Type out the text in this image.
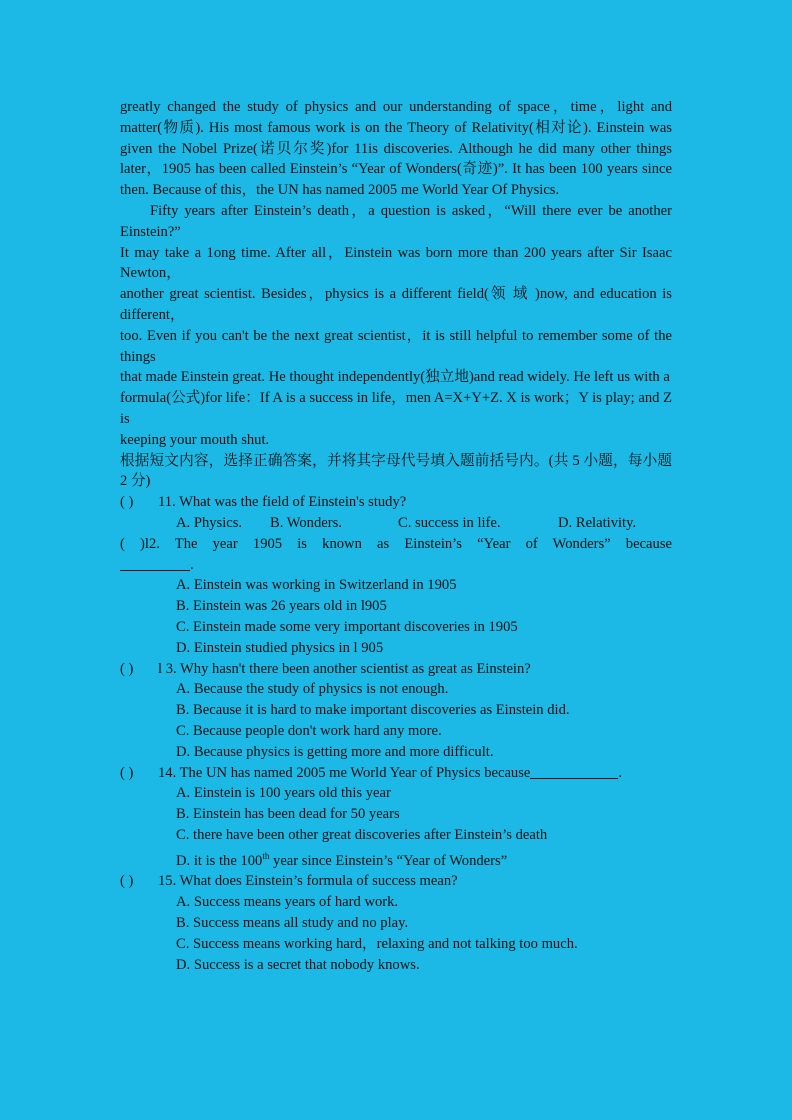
greatly changed the study of physics and our understanding of space，time，light and matter(物质). His most famous work is on the Theory of Relativity(相对论). Einstein was given the Nobel Prize(诺贝尔奖)for 11is discoveries. Although he did many other things later，1905 has been called Einstein’s “Year of Wonders(奇迹)”. It has been 100 years since then. Because of this，the UN has named 2005 me World Year Of Physics.

Fifty years after Einstein’s death，a question is asked，“Will there ever be another Einstein?”

It may take a 1ong time. After all，Einstein was born more than 200 years after Sir Isaac Newton，

another great scientist. Besides，physics is a different field(领 域 )now, and education is different，

too. Even if you can't be the next great scientist，it is still helpful to remember some of the things

that made Einstein great. He thought independently(独立地)and read widely. He left us with a

formula(公式)for life：If A is a success in life，men A=X+Y+Z. X is work；Y is play; and Z is

keeping your mouth shut.

根据短文内容，选择正确答案，并将其字母代号填入题前括号内。(共 5 小题，每小题 2 分)

( ) 11. What was the field of Einstein's study?
A. Physics.	B. Wonders.	C. success in life.	D. Relativity.

( )l2. The year 1905 is known as Einstein’s “Year of Wonders” because

.

A. Einstein was working in Switzerland in 1905

B. Einstein was 26 years old in l905

C. Einstein made some very important discoveries in 1905

D. Einstein studied physics in l 905

( ) l 3. Why hasn't there been another scientist as great as Einstein?

A. Because the study of physics is not enough.

B. Because it is hard to make important discoveries as Einstein did.

C. Because people don't work hard any more.

D. Because physics is getting more and more difficult.

( ) 14. The UN has named 2005 me World Year of Physics because	.

A. Einstein is 100 years old this year

B. Einstein has been dead for 50 years

C. there have been other great discoveries after Einstein’s death

D. it is the 100th year since Einstein’s “Year of Wonders”

( ) 15. What does Einstein’s formula of success mean?

A. Success means years of hard work.

B. Success means all study and no play.

C. Success means working hard，relaxing and not talking too much.

D. Success is a secret that nobody knows.
